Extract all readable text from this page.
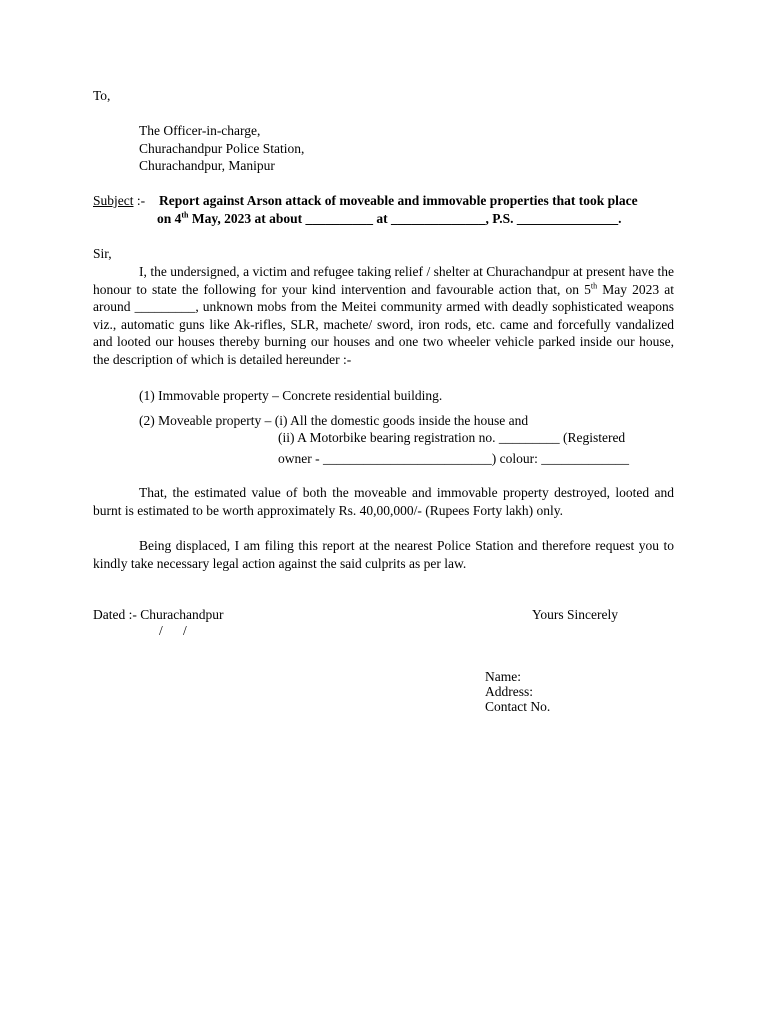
To,
The Officer-in-charge,
Churachandpur Police Station,
Churachandpur, Manipur
Subject :- Report against Arson attack of moveable and immovable properties that took place
on 4th May, 2023 at about __________ at ______________, P.S. _______________.
Sir,
I, the undersigned, a victim and refugee taking relief / shelter at Churachandpur at present have the honour to state the following for your kind intervention and favourable action that, on 5th May 2023 at around _________, unknown mobs from the Meitei community armed with deadly sophisticated weapons viz., automatic guns like Ak-rifles, SLR, machete/ sword, iron rods, etc. came and forcefully vandalized and looted our houses thereby burning our houses and one two wheeler vehicle parked inside our house, the description of which is detailed hereunder :-
(1) Immovable property – Concrete residential building.
(2) Moveable property – (i) All the domestic goods inside the house and
(ii) A Motorbike bearing registration no. _________ (Registered
owner - _________________________) colour: _____________
That, the estimated value of both the moveable and immovable property destroyed, looted and burnt is estimated to be worth approximately Rs. 40,00,000/- (Rupees Forty lakh) only.
Being displaced, I am filing this report at the nearest Police Station and therefore request you to kindly take necessary legal action against the said culprits as per law.
Dated :- Churachandpur
/      /
Yours Sincerely
Name:
Address:
Contact No.
